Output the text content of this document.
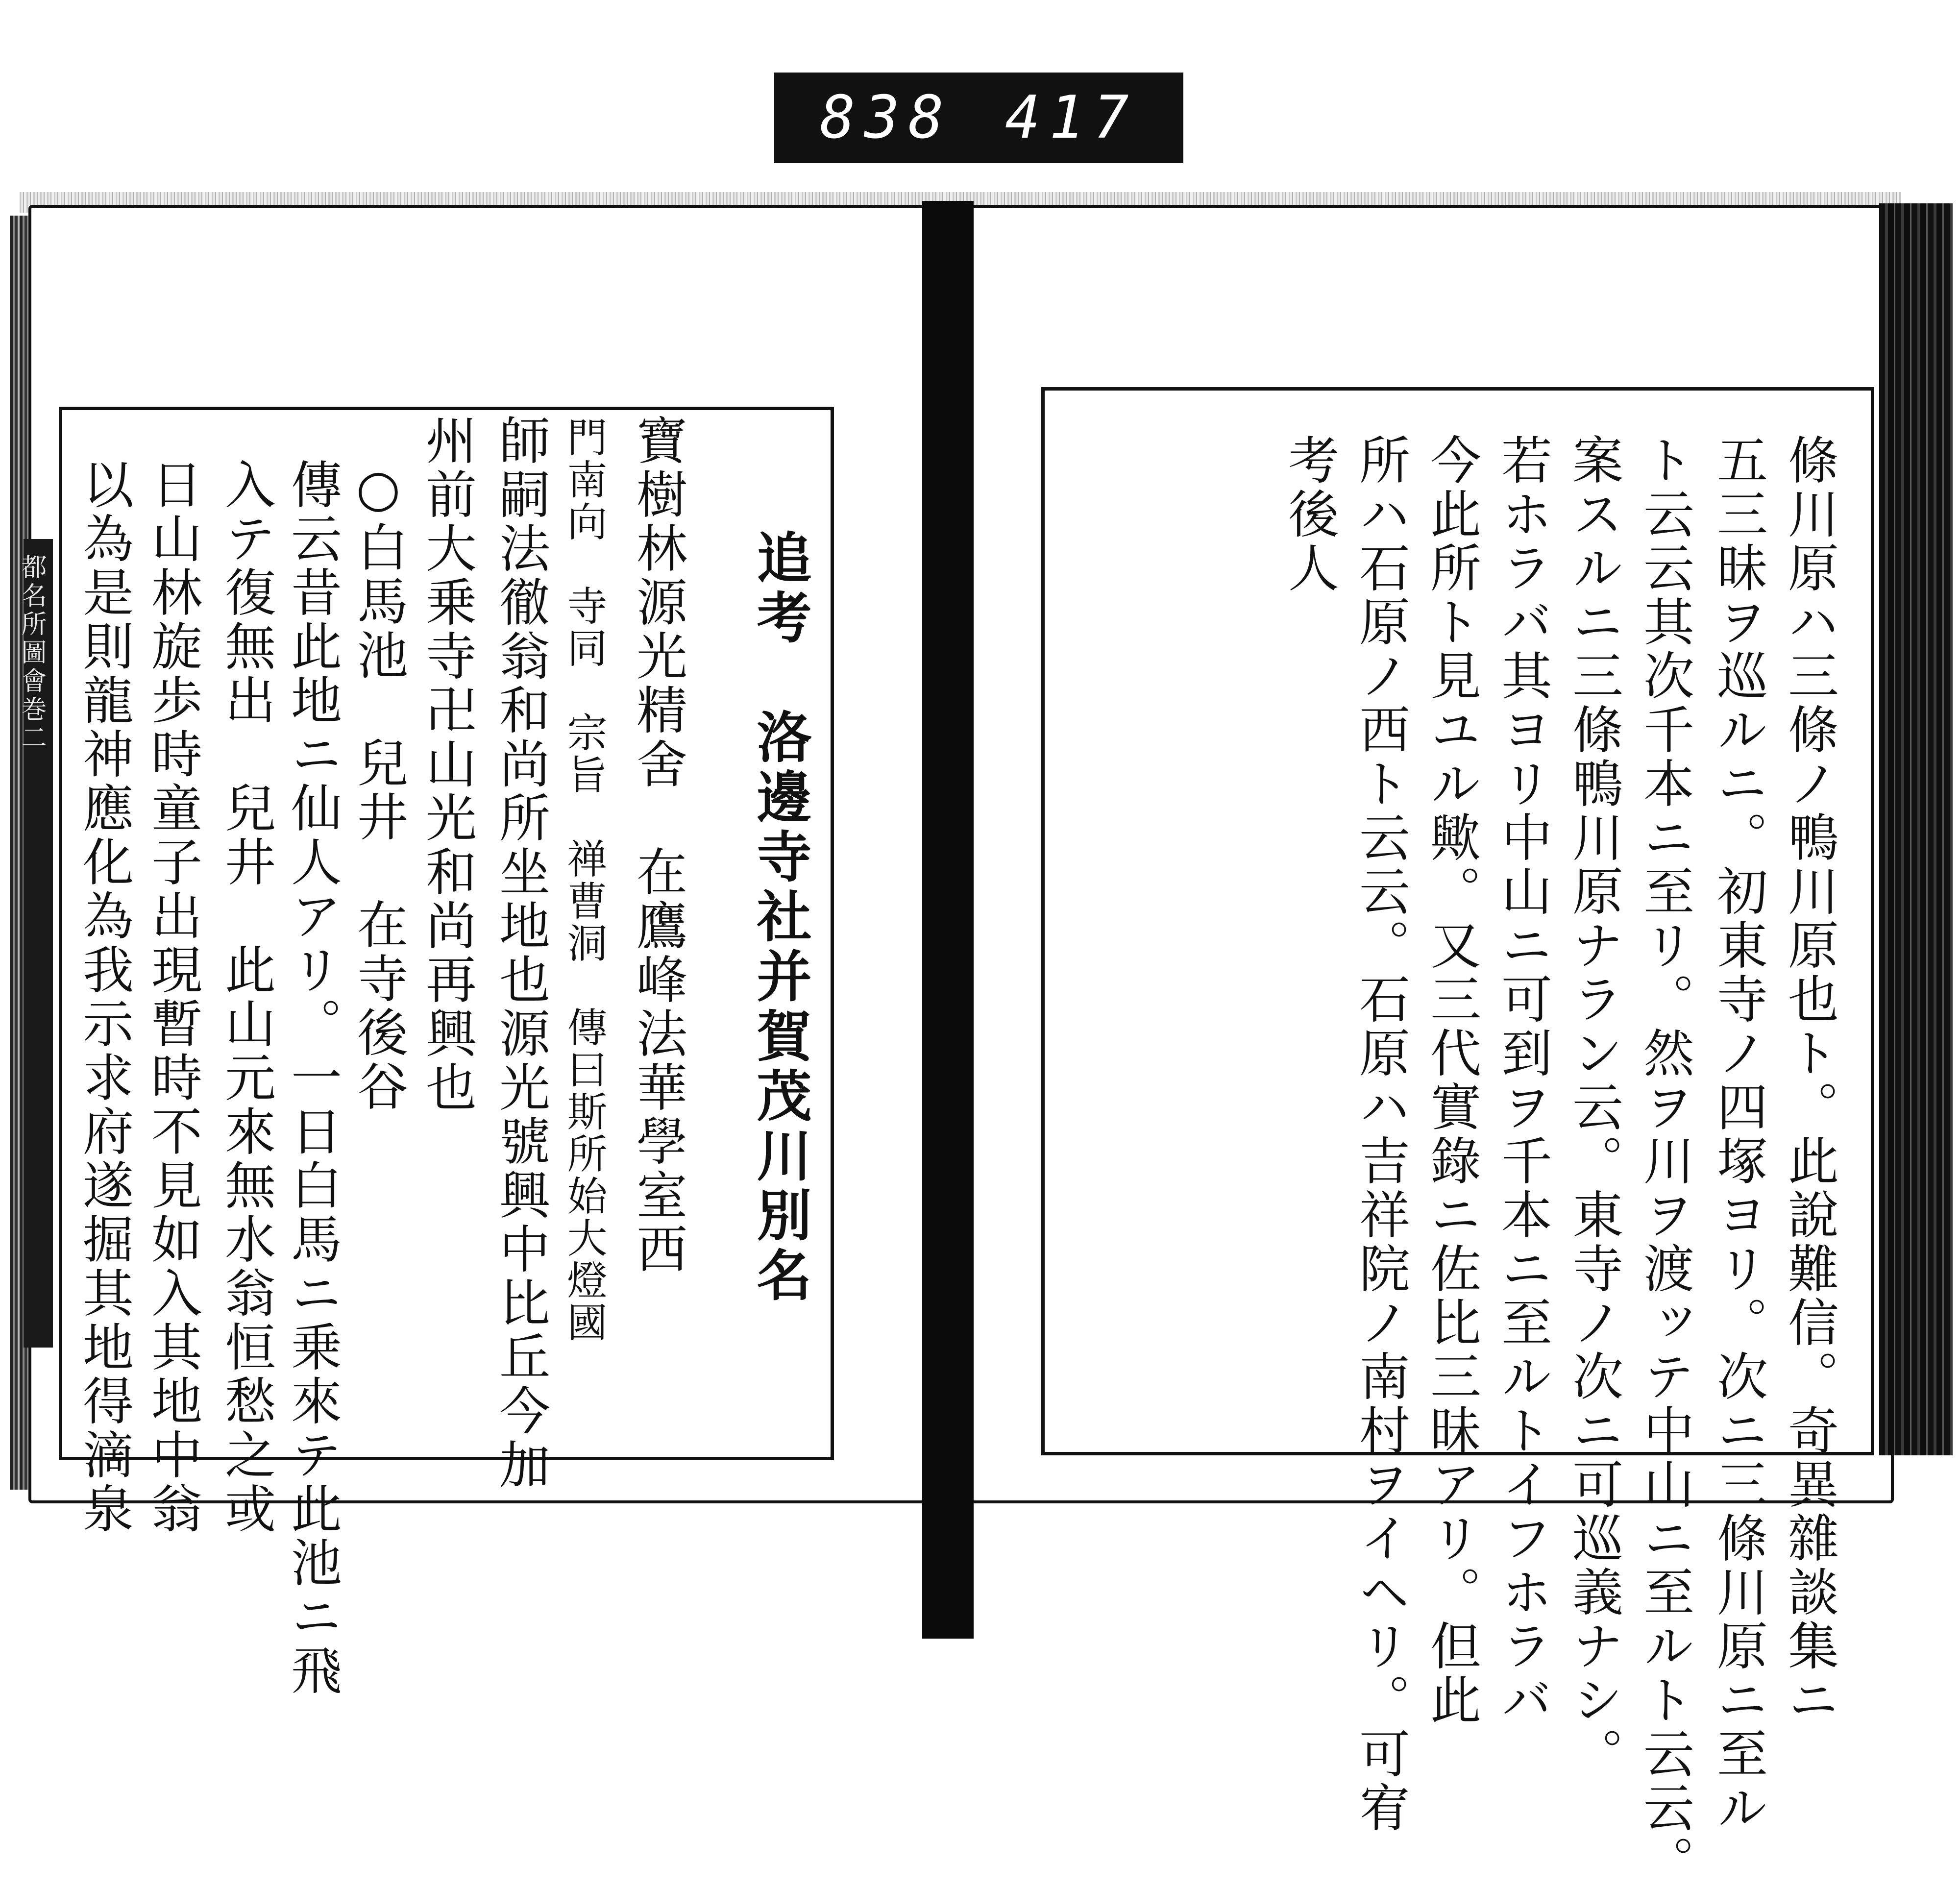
838 417
都名所圖會巻二	追考　洛邊寺社并賀茂川別名
寶樹林源光精舍　在鷹峰法華學室西
門南向　寺同　宗旨　禅曹洞　傳曰斯所始大燈國
師嗣法徹翁和尚所坐地也源光號興中比丘今加
州前大乗寺卍山光和尚再興也
○白馬池　兒井　在寺後谷
傳云昔此地ニ仙人アリ。一日白馬ニ乗來テ此池ニ飛
入テ復無出　兒井　此山元來無水翁恒愁之或
日山林旋歩時童子出現暫時不見如入其地中翁
以為是則龍神應化為我示求府遂掘其地得滴泉	條川原ハ三條ノ鴨川原也ト。此說難信。奇異雜談集ニ
五三昧ヲ巡ルニ。初東寺ノ四塚ヨリ。次ニ三條川原ニ至ル
ト云云其次千本ニ至リ。然ヲ川ヲ渡ッテ中山ニ至ルト云云。
案スルニ三條鴨川原ナラン云。東寺ノ次ニ可巡義ナシ。
若ホラバ其ヨリ中山ニ可到ヲ千本ニ至ルトイフホラバ
今此所ト見ユル歟。又三代實錄ニ佐比三昧アリ。但此
所ハ石原ノ西ト云云。石原ハ吉祥院ノ南村ヲイヘリ。可宥
考後人
